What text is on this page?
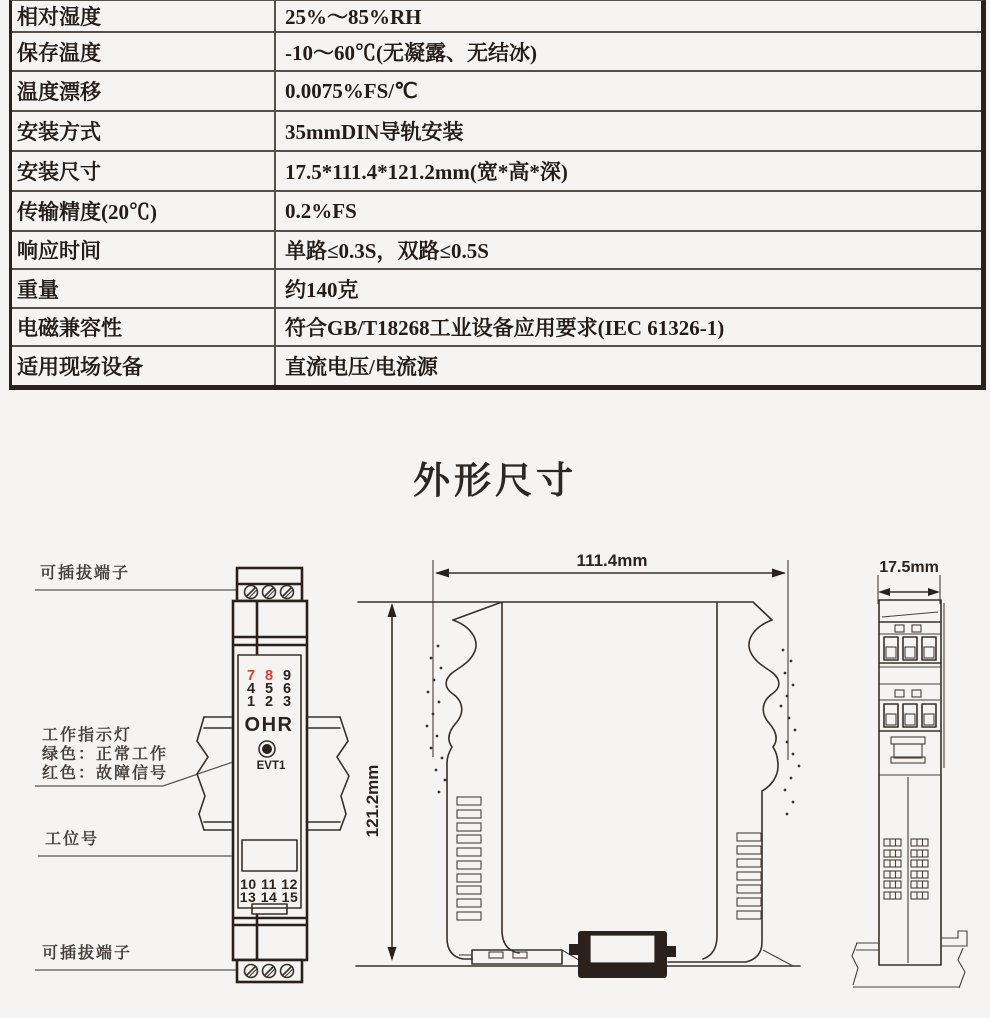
相对湿度	25%～85%RH
保存温度	-10～60℃(无凝露、无结冰)
温度漂移	0.0075%FS/℃
安装方式	35mmDIN导轨安装
安装尺寸	17.5*111.4*121.2mm(宽*高*深)
传输精度(20℃)	0.2%FS
响应时间	单路≤0.3S，双路≤0.5S
重量	约140克
电磁兼容性	符合GB/T18268工业设备应用要求(IEC 61326-1)
适用现场设备	直流电压/电流源
外形尺寸
可插拔端子
工作指示灯
绿色：正常工作
红色：故障信号
工位号
可插拔端子
7 8 9
4 5 6
1 2 3
OHR
EVT1
10 11 12
13 14 15
111.4mm
121.2mm
17.5mm
